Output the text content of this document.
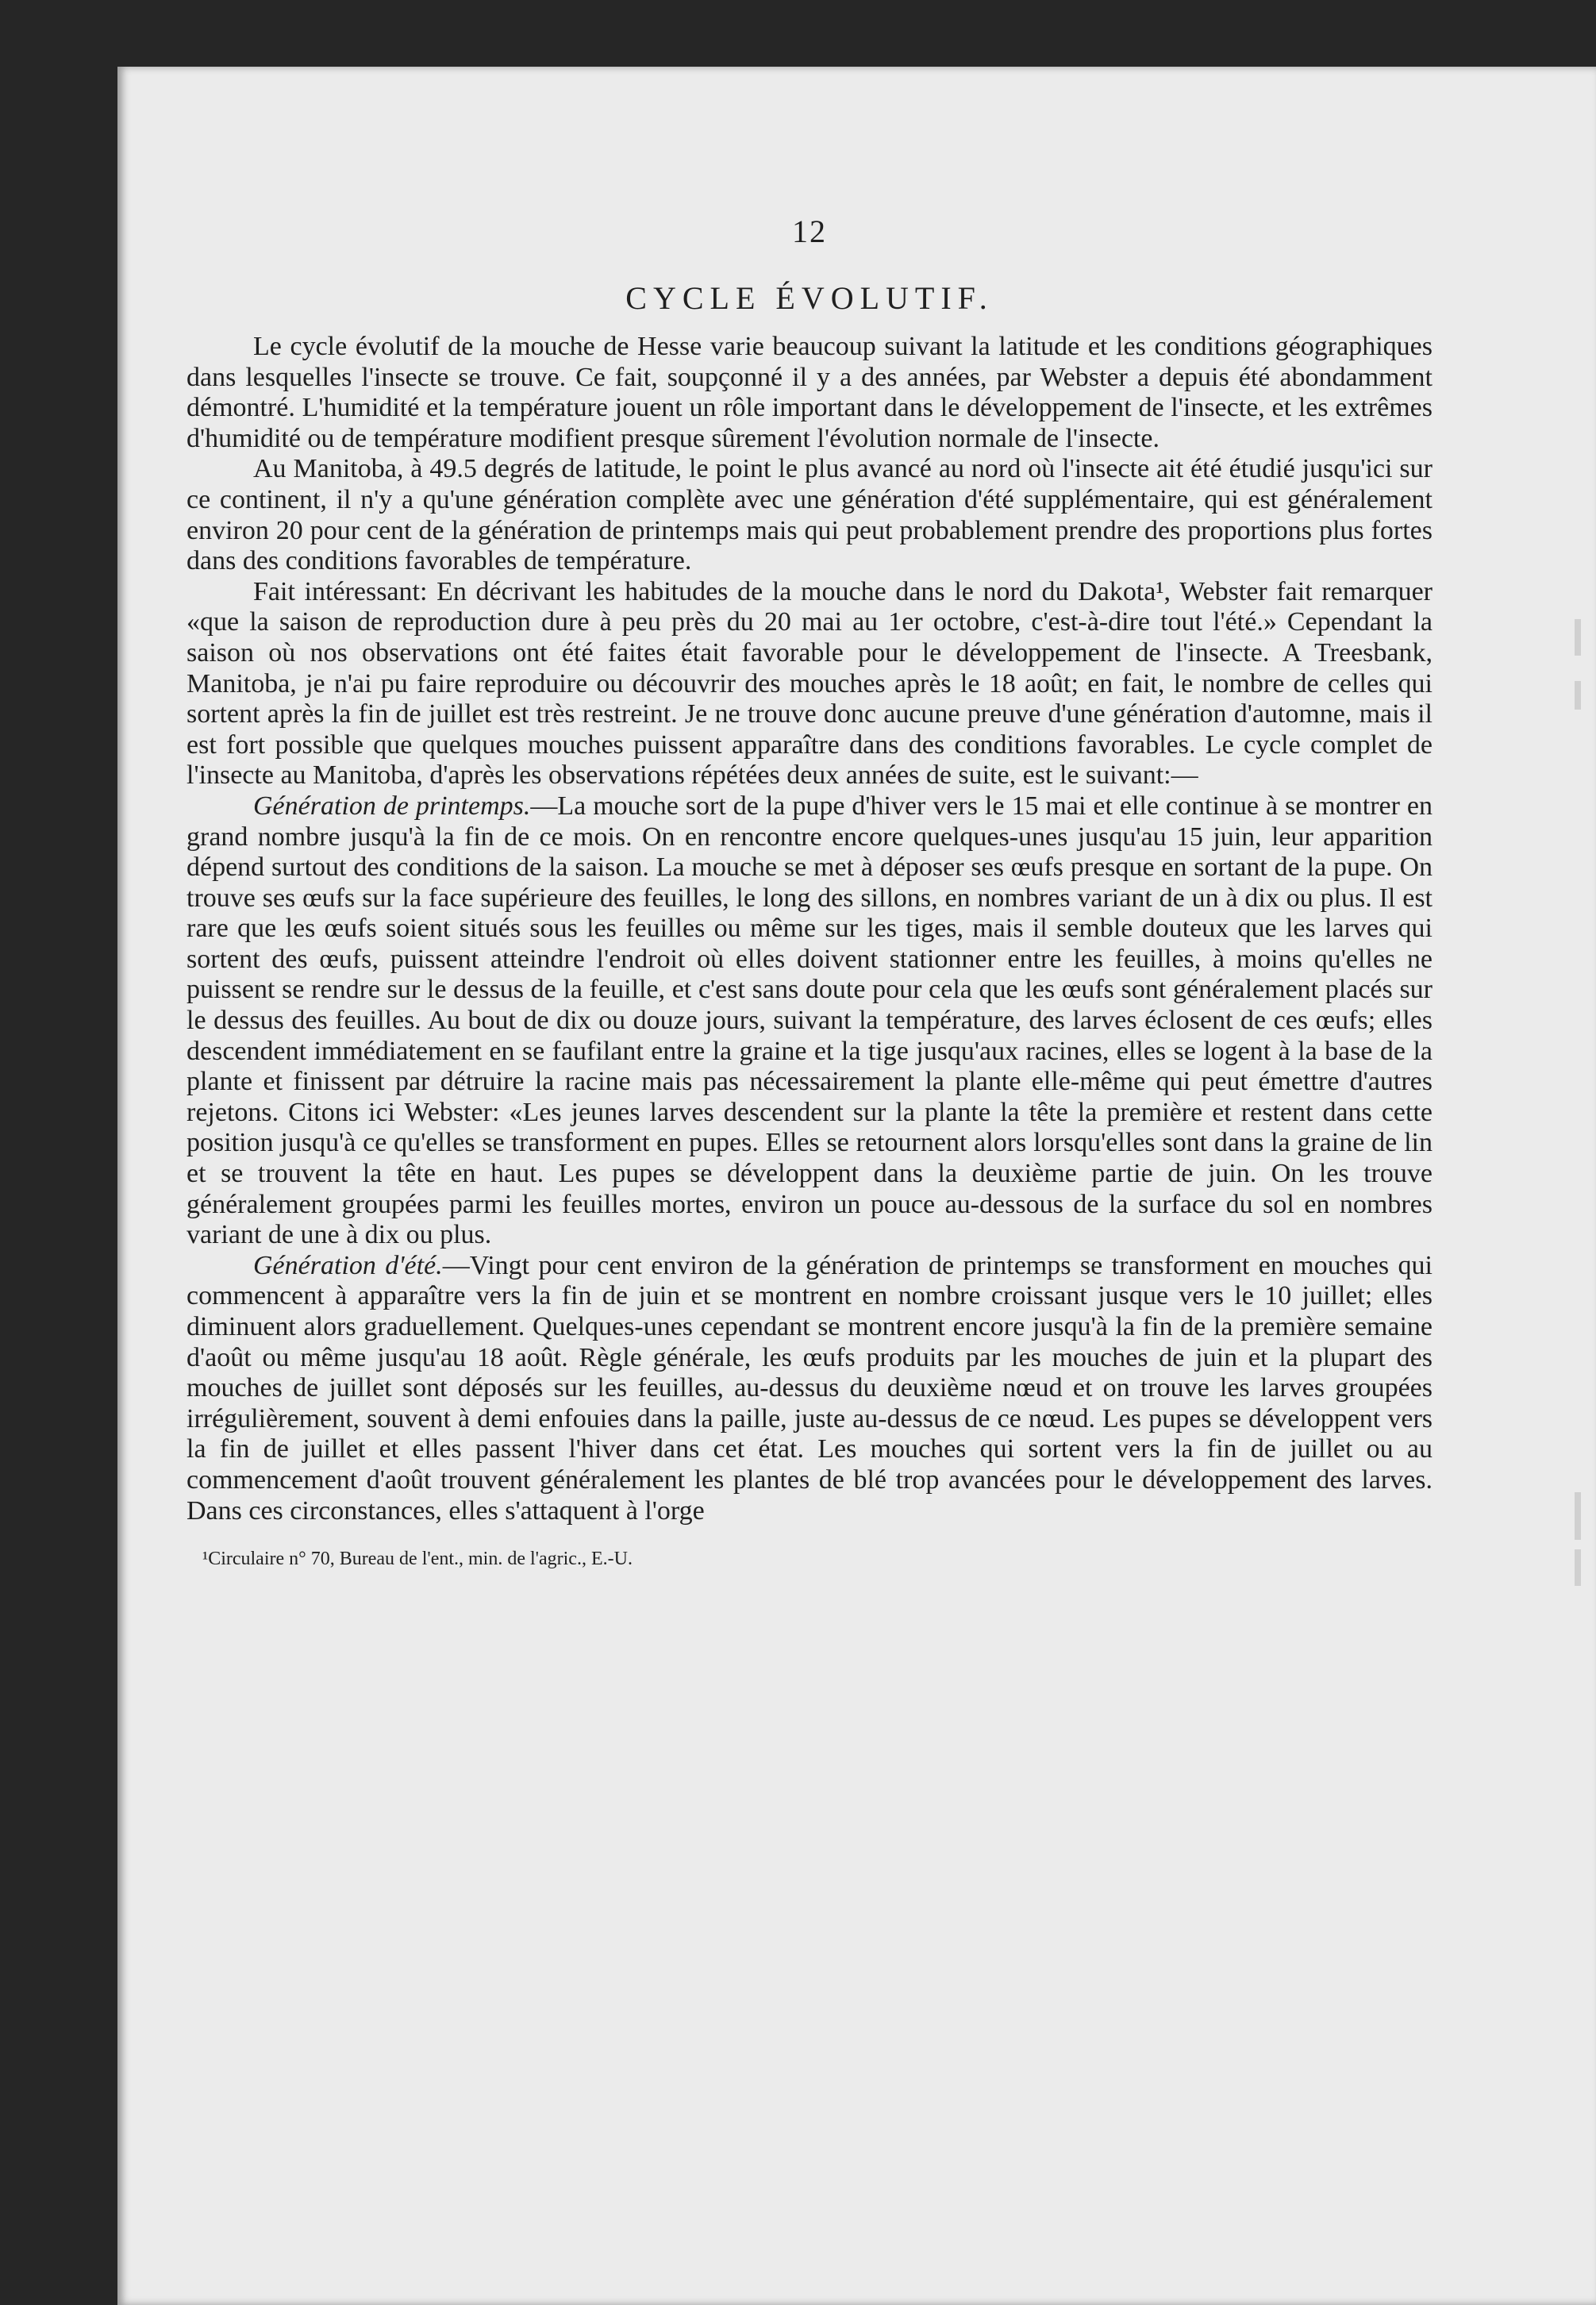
12
CYCLE ÉVOLUTIF.

Le cycle évolutif de la mouche de Hesse varie beaucoup suivant la latitude et les conditions géographiques dans lesquelles l'insecte se trouve. Ce fait, soupçonné il y a des années, par Webster a depuis été abondamment démontré. L'humidité et la température jouent un rôle important dans le développement de l'insecte, et les extrêmes d'humidité ou de température modifient presque sûrement l'évolution normale de l'insecte.

Au Manitoba, à 49.5 degrés de latitude, le point le plus avancé au nord où l'insecte ait été étudié jusqu'ici sur ce continent, il n'y a qu'une génération complète avec une génération d'été supplémentaire, qui est généralement environ 20 pour cent de la génération de printemps mais qui peut probablement prendre des proportions plus fortes dans des conditions favorables de température.

Fait intéressant: En décrivant les habitudes de la mouche dans le nord du Dakota¹, Webster fait remarquer «que la saison de reproduction dure à peu près du 20 mai au 1er octobre, c'est-à-dire tout l'été.» Cependant la saison où nos observations ont été faites était favorable pour le développement de l'insecte. A Treesbank, Manitoba, je n'ai pu faire reproduire ou découvrir des mouches après le 18 août; en fait, le nombre de celles qui sortent après la fin de juillet est très restreint. Je ne trouve donc aucune preuve d'une génération d'automne, mais il est fort possible que quelques mouches puissent apparaître dans des conditions favorables. Le cycle complet de l'insecte au Manitoba, d'après les observations répétées deux années de suite, est le suivant:—

Génération de printemps.—La mouche sort de la pupe d'hiver vers le 15 mai et elle continue à se montrer en grand nombre jusqu'à la fin de ce mois. On en rencontre encore quelques-unes jusqu'au 15 juin, leur apparition dépend surtout des conditions de la saison. La mouche se met à déposer ses œufs presque en sortant de la pupe. On trouve ses œufs sur la face supérieure des feuilles, le long des sillons, en nombres variant de un à dix ou plus. Il est rare que les œufs soient situés sous les feuilles ou même sur les tiges, mais il semble douteux que les larves qui sortent des œufs, puissent atteindre l'endroit où elles doivent stationner entre les feuilles, à moins qu'elles ne puissent se rendre sur le dessus de la feuille, et c'est sans doute pour cela que les œufs sont généralement placés sur le dessus des feuilles. Au bout de dix ou douze jours, suivant la température, des larves éclosent de ces œufs; elles descendent immédiatement en se faufilant entre la graine et la tige jusqu'aux racines, elles se logent à la base de la plante et finissent par détruire la racine mais pas nécessairement la plante elle-même qui peut émettre d'autres rejetons. Citons ici Webster: «Les jeunes larves descendent sur la plante la tête la première et restent dans cette position jusqu'à ce qu'elles se transforment en pupes. Elles se retournent alors lorsqu'elles sont dans la graine de lin et se trouvent la tête en haut. Les pupes se développent dans la deuxième partie de juin. On les trouve généralement groupées parmi les feuilles mortes, environ un pouce au-dessous de la surface du sol en nombres variant de une à dix ou plus.

Génération d'été.—Vingt pour cent environ de la génération de printemps se transforment en mouches qui commencent à apparaître vers la fin de juin et se montrent en nombre croissant jusque vers le 10 juillet; elles diminuent alors graduellement. Quelques-unes cependant se montrent encore jusqu'à la fin de la première semaine d'août ou même jusqu'au 18 août. Règle générale, les œufs produits par les mouches de juin et la plupart des mouches de juillet sont déposés sur les feuilles, au-dessus du deuxième nœud et on trouve les larves groupées irrégulièrement, souvent à demi enfouies dans la paille, juste au-dessus de ce nœud. Les pupes se développent vers la fin de juillet et elles passent l'hiver dans cet état. Les mouches qui sortent vers la fin de juillet ou au commencement d'août trouvent généralement les plantes de blé trop avancées pour le développement des larves. Dans ces circonstances, elles s'attaquent à l'orge

¹Circulaire n° 70, Bureau de l'ent., min. de l'agric., E.-U.
